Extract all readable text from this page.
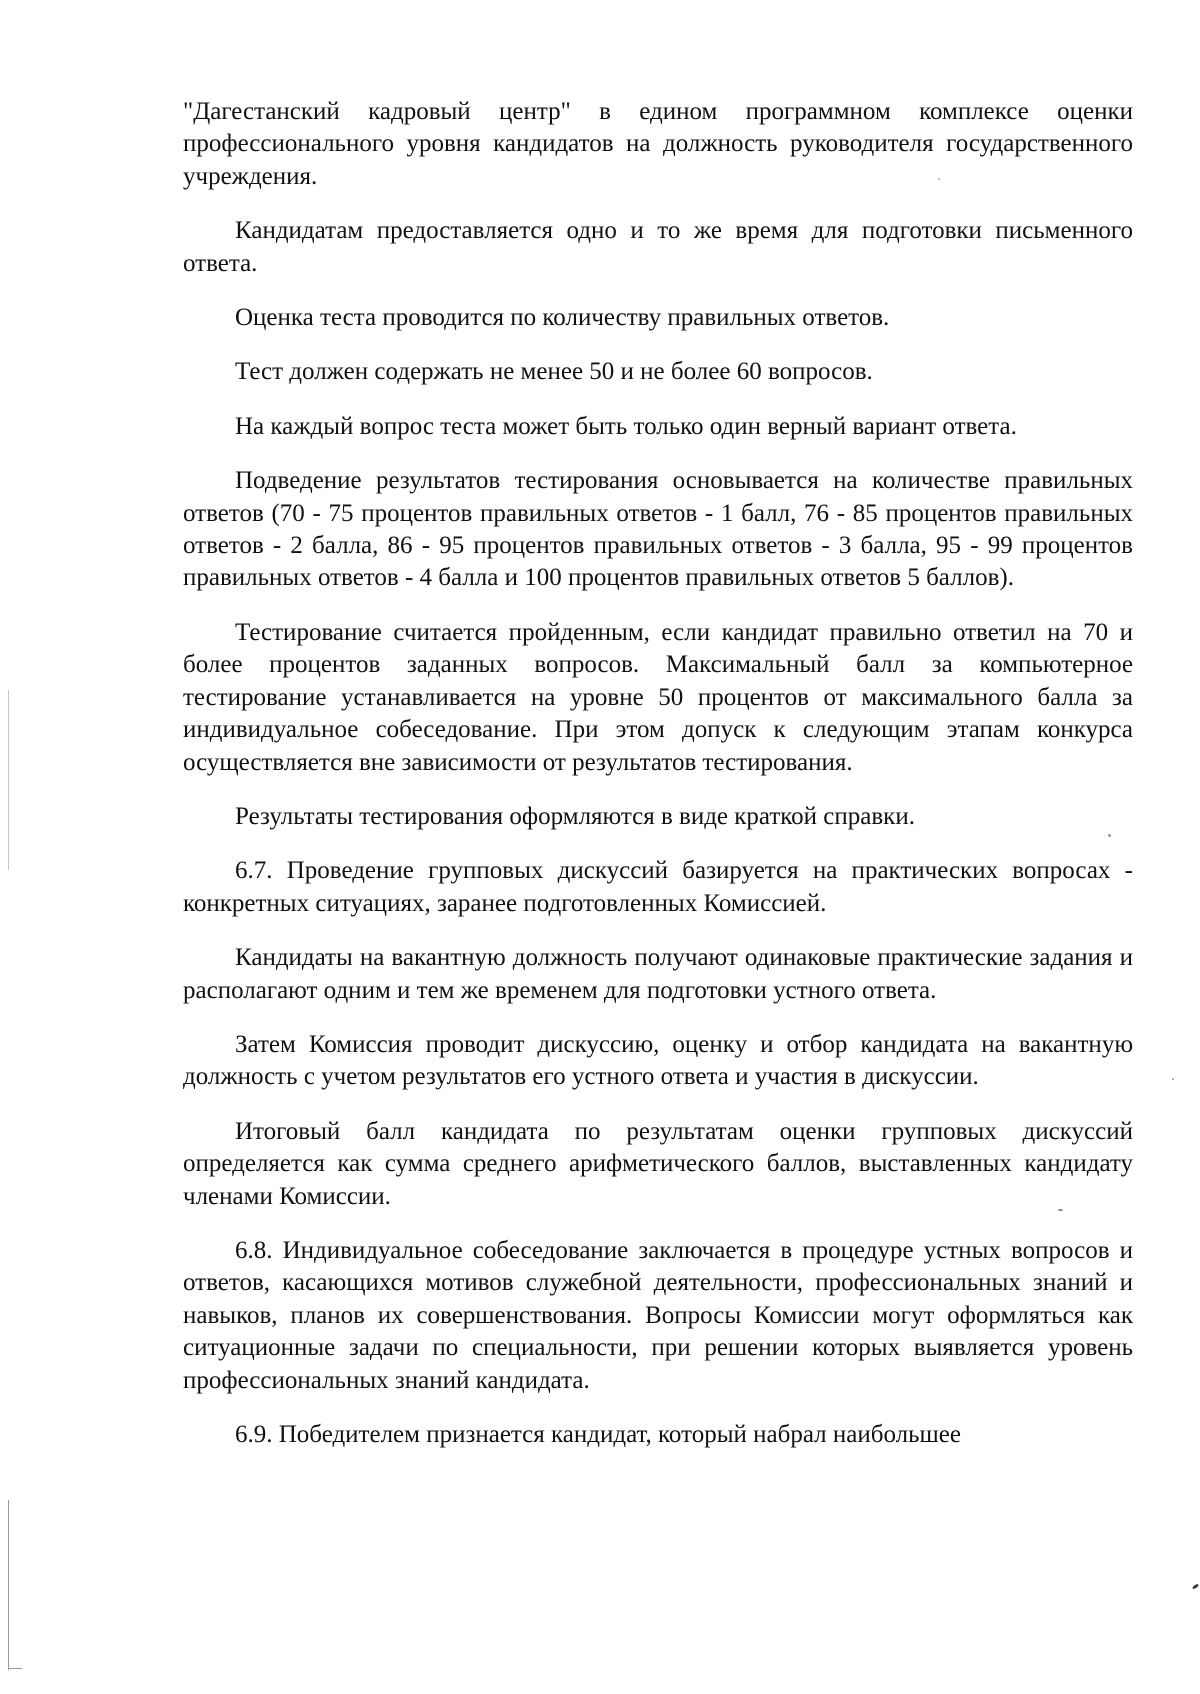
"Дагестанский кадровый центр" в едином программном комплексе оценки профессионального уровня кандидатов на должность руководителя государственного учреждения.

Кандидатам предоставляется одно и то же время для подготовки письменного ответа.

Оценка теста проводится по количеству правильных ответов.

Тест должен содержать не менее 50 и не более 60 вопросов.

На каждый вопрос теста может быть только один верный вариант ответа.

Подведение результатов тестирования основывается на количестве правильных ответов (70 - 75 процентов правильных ответов - 1 балл, 76 - 85 процентов правильных ответов - 2 балла, 86 - 95 процентов правильных ответов - 3 балла, 95 - 99 процентов правильных ответов - 4 балла и 100 процентов правильных ответов 5 баллов).

Тестирование считается пройденным, если кандидат правильно ответил на 70 и более процентов заданных вопросов. Максимальный балл за компьютерное тестирование устанавливается на уровне 50 процентов от максимального балла за индивидуальное собеседование. При этом допуск к следующим этапам конкурса осуществляется вне зависимости от результатов тестирования.

Результаты тестирования оформляются в виде краткой справки.

6.7. Проведение групповых дискуссий базируется на практических вопросах - конкретных ситуациях, заранее подготовленных Комиссией.

Кандидаты на вакантную должность получают одинаковые практические задания и располагают одним и тем же временем для подготовки устного ответа.

Затем Комиссия проводит дискуссию, оценку и отбор кандидата на вакантную должность с учетом результатов его устного ответа и участия в дискуссии.

Итоговый балл кандидата по результатам оценки групповых дискуссий определяется как сумма среднего арифметического баллов, выставленных кандидату членами Комиссии.

6.8. Индивидуальное собеседование заключается в процедуре устных вопросов и ответов, касающихся мотивов служебной деятельности, профессиональных знаний и навыков, планов их совершенствования. Вопросы Комиссии могут оформляться как ситуационные задачи по специальности, при решении которых выявляется уровень профессиональных знаний кандидата.

6.9. Победителем признается кандидат, который набрал наибольшее
